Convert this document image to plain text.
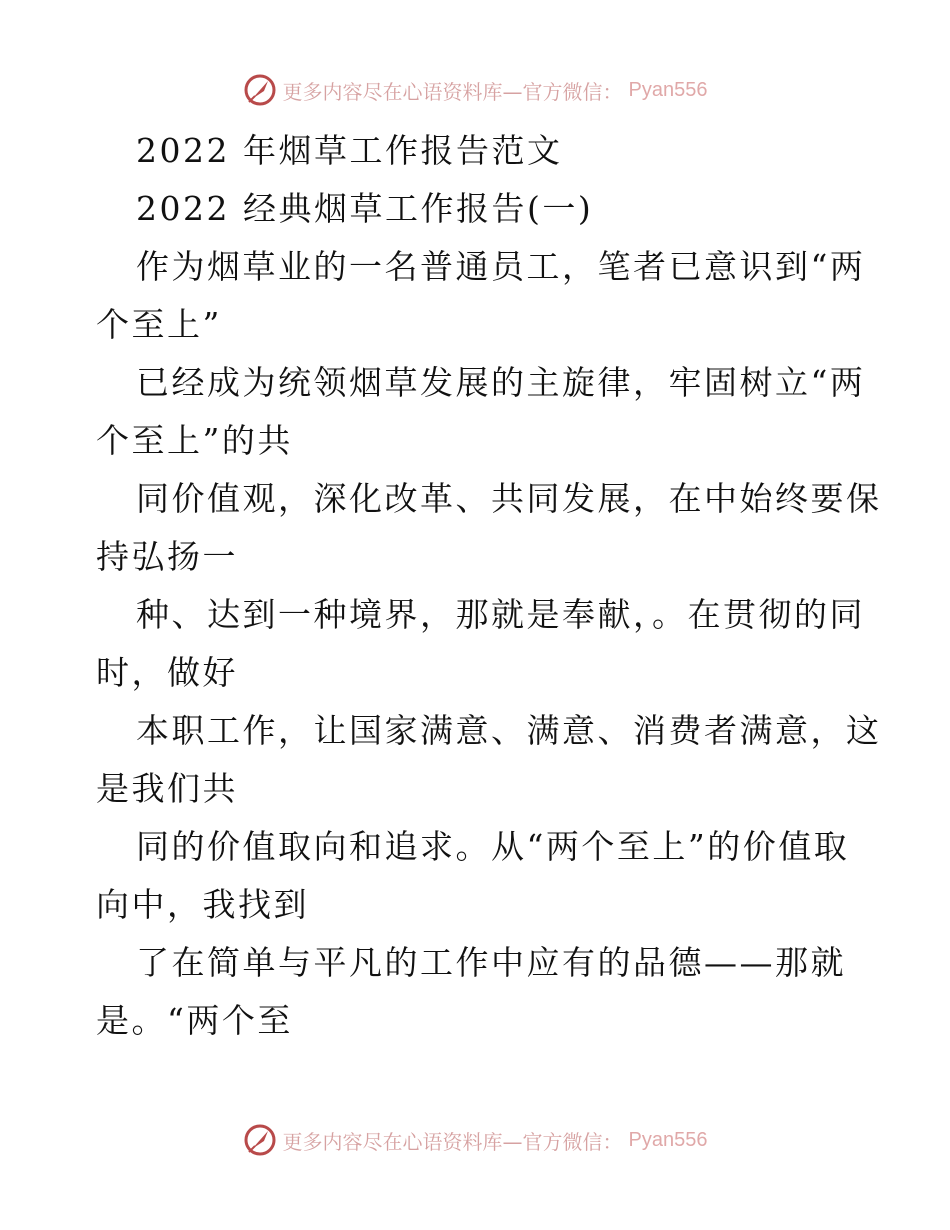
更多内容尽在心语资料库—官方微信： Pyan556
2022 年烟草工作报告范文
2022 经典烟草工作报告(一)
作为烟草业的一名普通员工，笔者已意识到“两
个至上”
已经成为统领烟草发展的主旋律，牢固树立“两
个至上”的共
同价值观，深化改革、共同发展，在中始终要保
持弘扬一
种、达到一种境界，那就是奉献，。在贯彻的同
时，做好
本职工作，让国家满意、满意、消费者满意，这
是我们共
同的价值取向和追求。从“两个至上”的价值取
向中，我找到
了在简单与平凡的工作中应有的品德——那就
是。“两个至
更多内容尽在心语资料库—官方微信： Pyan556
